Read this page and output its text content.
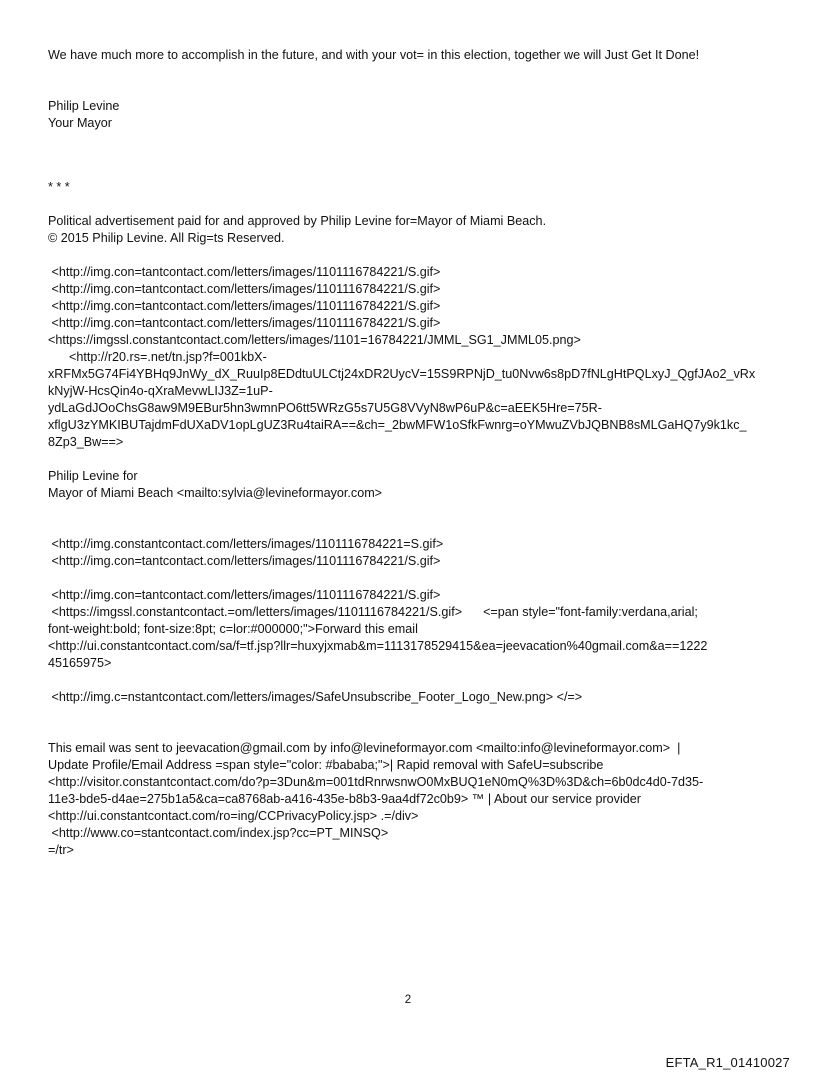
We have much more to accomplish in the future, and with your vot= in this election, together we will Just Get It Done!
Philip Levine
Your Mayor
* * *
Political advertisement paid for and approved by Philip Levine for=Mayor of Miami Beach.
© 2015 Philip Levine. All Rig=ts Reserved.
<http://img.con=tantcontact.com/letters/images/1101116784221/S.gif>
<http://img.con=tantcontact.com/letters/images/1101116784221/S.gif>
<http://img.con=tantcontact.com/letters/images/1101116784221/S.gif>
<http://img.con=tantcontact.com/letters/images/1101116784221/S.gif>
<https://imgssl.constantcontact.com/letters/images/1101=16784221/JMML_SG1_JMML05.png>
<http://r20.rs=.net/tn.jsp?f=001kbX-
xRFMx5G74Fi4YBHq9JnWy_dX_RuuIp8EDdtuULCtj24xDR2UycV=15S9RPNjD_tu0Nvw6s8pD7fNLgHtPQLxyJ_QgfJAo2_vRx
kNyjW-HcsQin4o-qXraMevwLIJ3Z=1uP-
ydLaGdJOoChsG8aw9M9EBur5hn3wmnPO6tt5WRzG5s7U5G8VVyN8wP6uP&c=aEEK5Hre=75R-
xflgU3zYMKIBUTajdmFdUXaDV1opLgUZ3Ru4taiRA==&ch=_2bwMFW1oSfkFwnrg=oYMwuZVbJQBNB8sMLGaHQ7y9k1kc_
8Zp3_Bw==>
Philip Levine for
Mayor of Miami Beach <mailto:sylvia@levineformayor.com>
<http://img.constantcontact.com/letters/images/1101116784221=S.gif>
<http://img.con=tantcontact.com/letters/images/1101116784221/S.gif>
<http://img.con=tantcontact.com/letters/images/1101116784221/S.gif>
<https://imgssl.constantcontact.=om/letters/images/1101116784221/S.gif>      <=pan style="font-family:verdana,arial;
font-weight:bold; font-size:8pt; c=lor:#000000;">Forward this email
<http://ui.constantcontact.com/sa/f=tf.jsp?llr=huxyjxmab&m=1113178529415&ea=jeevacation%40gmail.com&a==1222
45165975>
<http://img.c=nstantcontact.com/letters/images/SafeUnsubscribe_Footer_Logo_New.png> </=>
This email was sent to jeevacation@gmail.com by info@levineformayor.com <mailto:info@levineformayor.com>  |
Update Profile/Email Address =span style="color: #bababa;">| Rapid removal with SafeU=subscribe
<http://visitor.constantcontact.com/do?p=3Dun&m=001tdRnrwsnwO0MxBUQ1eN0mQ%3D%3D&ch=6b0dc4d0-7d35-
11e3-bde5-d4ae=275b1a5&ca=ca8768ab-a416-435e-b8b3-9aa4df72c0b9> ™ | About our service provider
<http://ui.constantcontact.com/ro=ing/CCPrivacyPolicy.jsp> .=/div>
<http://www.co=stantcontact.com/index.jsp?cc=PT_MINSQ>
=/tr>
2
EFTA_R1_01410027
